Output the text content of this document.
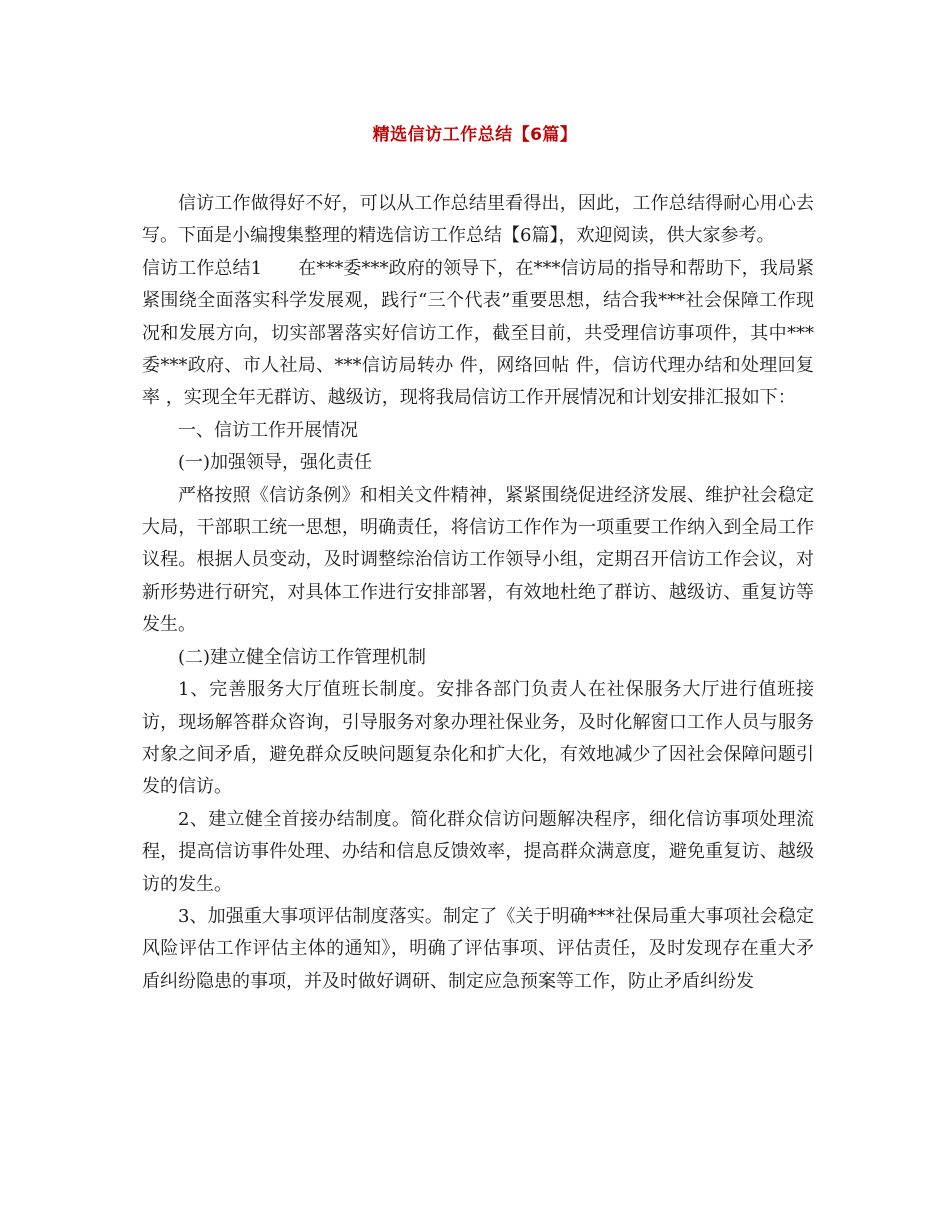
精选信访工作总结【6篇】

信访工作做得好不好，可以从工作总结里看得出，因此，工作总结得耐心用心去写。下面是小编搜集整理的精选信访工作总结【6篇】，欢迎阅读，供大家参考。

信访工作总结1 在***委***政府的领导下，在***信访局的指导和帮助下，我局紧紧围绕全面落实科学发展观，践行“三个代表”重要思想，结合我***社会保障工作现况和发展方向，切实部署落实好信访工作，截至目前，共受理信访事项件，其中***委***政府、市人社局、***信访局转办 件，网络回帖 件，信访代理办结和处理回复率 ，实现全年无群访、越级访，现将我局信访工作开展情况和计划安排汇报如下：

一、信访工作开展情况

(一)加强领导，强化责任

严格按照《信访条例》和相关文件精神，紧紧围绕促进经济发展、维护社会稳定大局，干部职工统一思想，明确责任，将信访工作作为一项重要工作纳入到全局工作议程。根据人员变动，及时调整综治信访工作领导小组，定期召开信访工作会议，对新形势进行研究，对具体工作进行安排部署，有效地杜绝了群访、越级访、重复访等发生。

(二)建立健全信访工作管理机制

1、完善服务大厅值班长制度。安排各部门负责人在社保服务大厅进行值班接访，现场解答群众咨询，引导服务对象办理社保业务，及时化解窗口工作人员与服务对象之间矛盾，避免群众反映问题复杂化和扩大化，有效地减少了因社会保障问题引发的信访。

2、建立健全首接办结制度。简化群众信访问题解决程序，细化信访事项处理流程，提高信访事件处理、办结和信息反馈效率，提高群众满意度，避免重复访、越级访的发生。

3、加强重大事项评估制度落实。制定了《关于明确***社保局重大事项社会稳定风险评估工作评估主体的通知》，明确了评估事项、评估责任，及时发现存在重大矛盾纠纷隐患的事项，并及时做好调研、制定应急预案等工作，防止矛盾纠纷发
